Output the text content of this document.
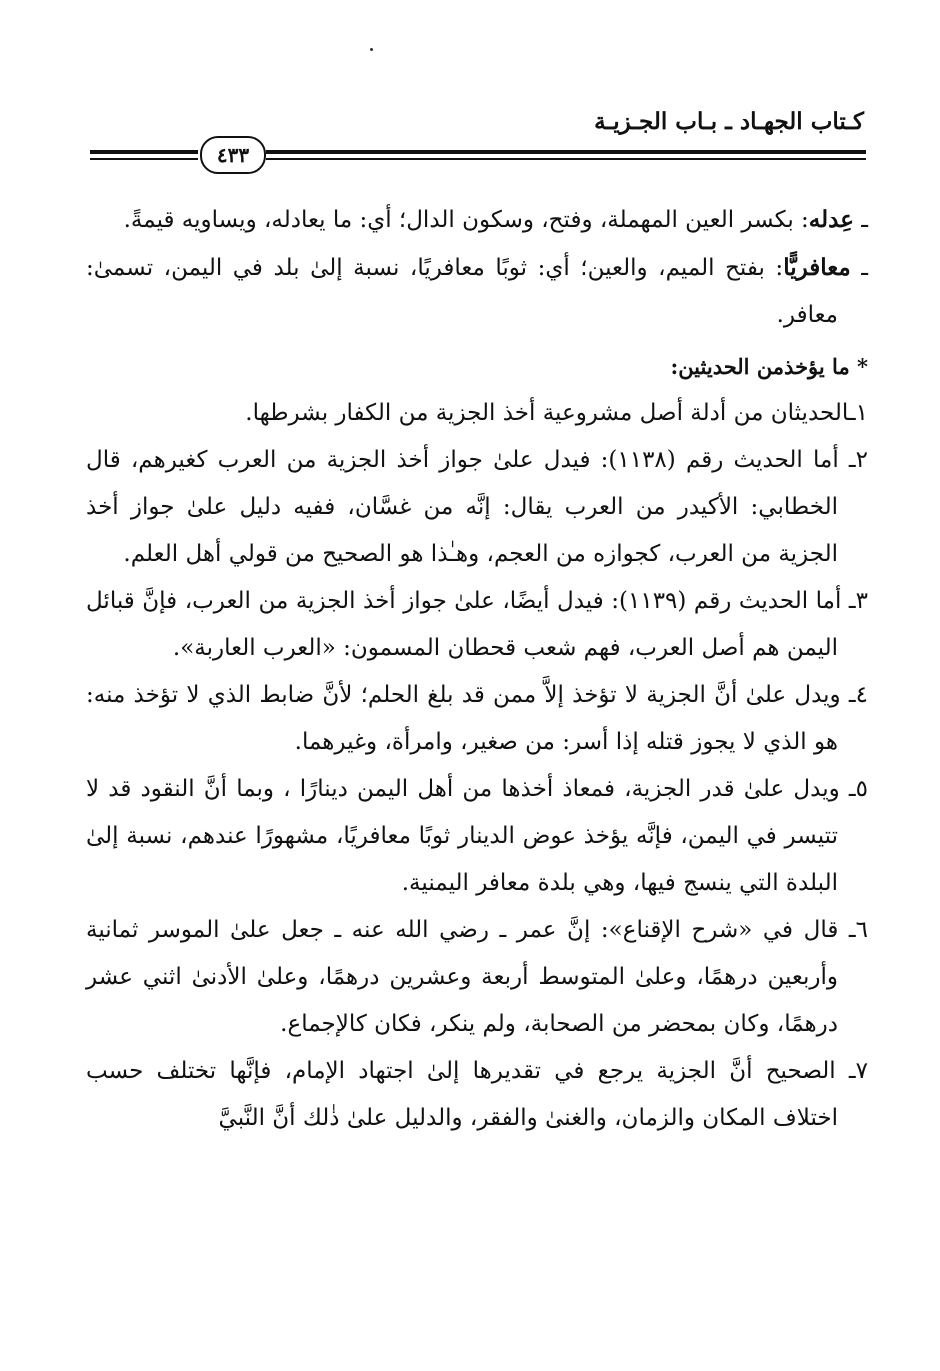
كـتاب الجهـاد ـ بـاب الجـزيـة
٤٣٣

ـ عِدله: بكسر العين المهملة، وفتح، وسكون الدال؛ أي: ما يعادله، ويساويه قيمةً.

ـ معافريًّا: بفتح الميم، والعين؛ أي: ثوبًا معافريًا، نسبة إلىٰ بلد في اليمن، تسمىٰ: معافر.

* ما يؤخذمن الحديثين:

١ـالحديثان من أدلة أصل مشروعية أخذ الجزية من الكفار بشرطها.

٢ـ أما الحديث رقم (١١٣٨): فيدل علىٰ جواز أخذ الجزية من العرب كغيرهم، قال الخطابي: الأكيدر من العرب يقال: إنَّه من غسَّان، ففيه دليل علىٰ جواز أخذ الجزية من العرب، كجوازه من العجم، وهـٰذا هو الصحيح من قولي أهل العلم.

٣ـ أما الحديث رقم (١١٣٩): فيدل أيضًا، علىٰ جواز أخذ الجزية من العرب، فإنَّ قبائل اليمن هم أصل العرب، فهم شعب قحطان المسمون: «العرب العاربة».

٤ـ ويدل علىٰ أنَّ الجزية لا تؤخذ إلاَّ ممن قد بلغ الحلم؛ لأنَّ ضابط الذي لا تؤخذ منه: هو الذي لا يجوز قتله إذا أسر: من صغير، وامرأة، وغيرهما.

٥ـ ويدل علىٰ قدر الجزية، فمعاذ أخذها من أهل اليمن دينارًا ، وبما أنَّ النقود قد لا تتيسر في اليمن، فإنَّه يؤخذ عوض الدينار ثوبًا معافريًا، مشهورًا عندهم، نسبة إلىٰ البلدة التي ينسج فيها، وهي بلدة معافر اليمنية.

٦ـ قال في «شرح الإقناع»: إنَّ عمر ـ رضي الله عنه ـ جعل علىٰ الموسر ثمانية وأربعين درهمًا، وعلىٰ المتوسط أربعة وعشرين درهمًا، وعلىٰ الأدنىٰ اثني عشر درهمًا، وكان بمحضر من الصحابة، ولم ينكر، فكان كالإجماع.

٧ـ الصحيح أنَّ الجزية يرجع في تقديرها إلىٰ اجتهاد الإمام، فإنَّها تختلف حسب اختلاف المكان والزمان، والغنىٰ والفقر، والدليل علىٰ ذٰلك أنَّ النَّبيَّ
